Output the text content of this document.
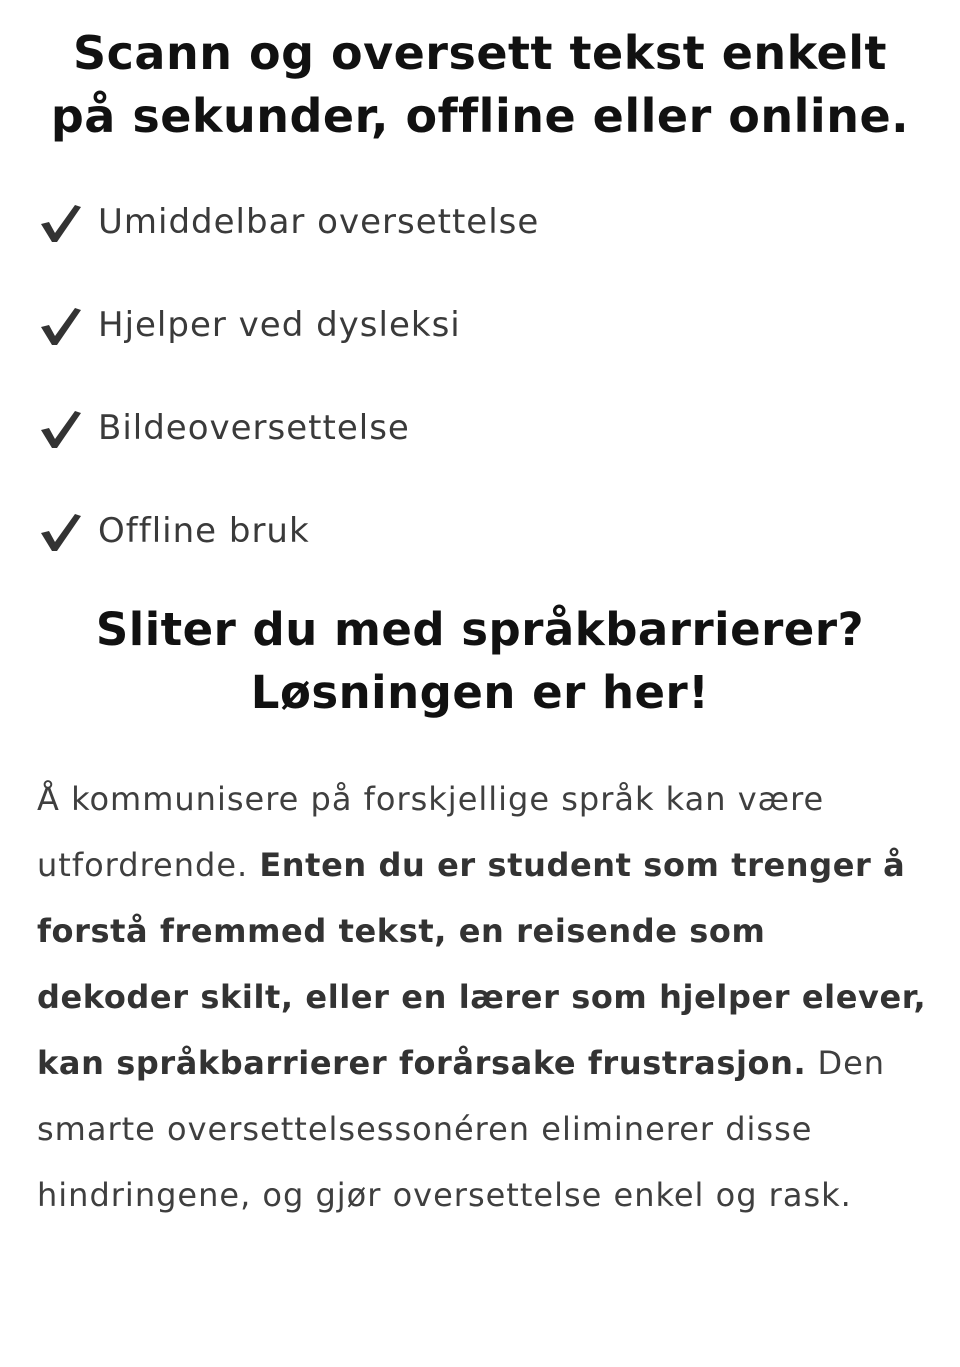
Scann og oversett tekst enkelt
på sekunder, offline eller online.
Umiddelbar oversettelse
Hjelper ved dysleksi
Bildeoversettelse
Offline bruk
Sliter du med språkbarrierer?
Løsningen er her!

Å kommunisere på forskjellige språk kan være utfordrende. Enten du er student som trenger å forstå fremmed tekst, en reisende som dekoder skilt, eller en lærer som hjelper elever, kan språkbarrierer forårsake frustrasjon. Den smarte oversettelsessonéren eliminerer disse hindringene, og gjør oversettelse enkel og rask.
